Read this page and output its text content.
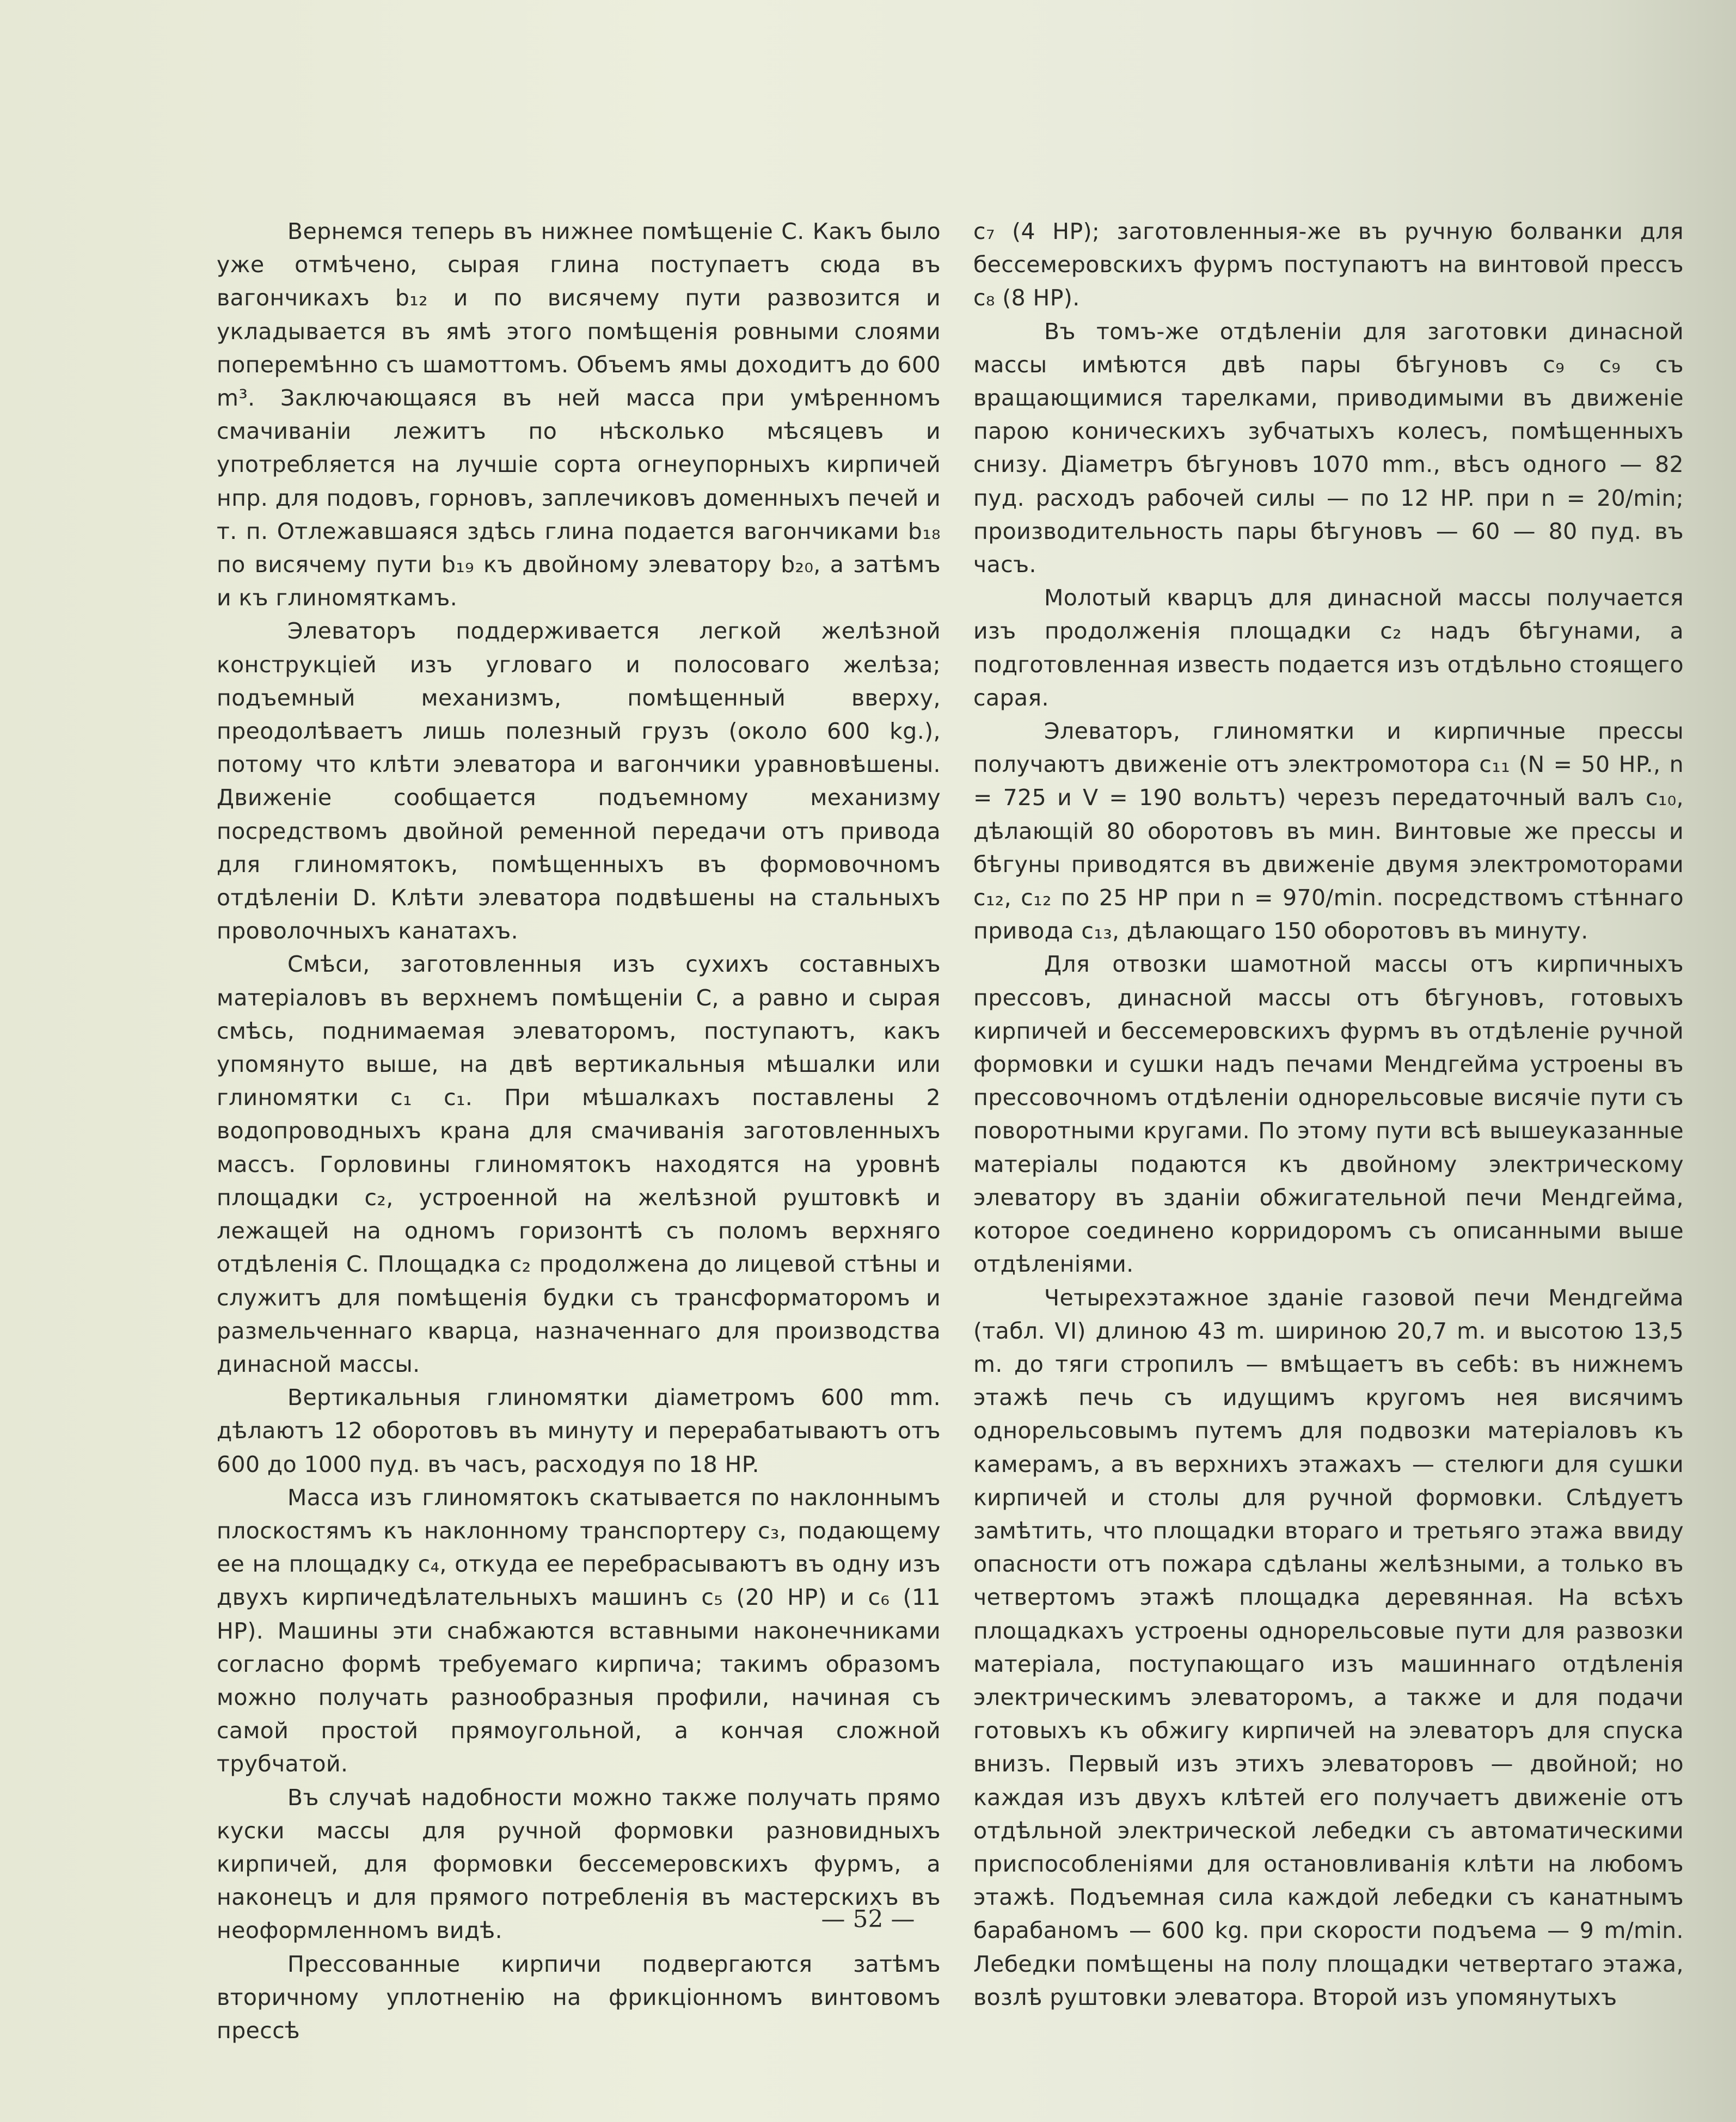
Вернемся теперь въ нижнее помѣщеніе C. Какъ было уже отмѣчено, сырая глина поступаетъ сюда въ вагончикахъ b₁₂ и по висячему пути развозится и укладывается въ ямѣ этого помѣщенія ровными слоями поперемѣнно съ шамоттомъ. Объемъ ямы доходитъ до 600 m³. Заключающаяся въ ней масса при умѣренномъ смачиваніи лежитъ по нѣсколько мѣсяцевъ и употребляется на лучшіе сорта огнеупорныхъ кирпичей нпр. для подовъ, горновъ, заплечиковъ доменныхъ печей и т. п. Отлежавшаяся здѣсь глина подается вагончиками b₁₈ по висячему пути b₁₉ къ двойному элеватору b₂₀, а затѣмъ и къ глиномяткамъ.

Элеваторъ поддерживается легкой желѣзной конструкціей изъ угловаго и полосоваго желѣза; подъемный механизмъ, помѣщенный вверху, преодолѣваетъ лишь полезный грузъ (около 600 kg.), потому что клѣти элеватора и вагончики уравновѣшены. Движеніе сообщается подъемному механизму посредствомъ двойной ременной передачи отъ привода для глиномятокъ, помѣщенныхъ въ формовочномъ отдѣленіи D. Клѣти элеватора подвѣшены на стальныхъ проволочныхъ канатахъ.

Смѣси, заготовленныя изъ сухихъ составныхъ матеріаловъ въ верхнемъ помѣщеніи C, а равно и сырая смѣсь, поднимаемая элеваторомъ, поступаютъ, какъ упомянуто выше, на двѣ вертикальныя мѣшалки или глиномятки c₁ c₁. При мѣшалкахъ поставлены 2 водопроводныхъ крана для смачиванія заготовленныхъ массъ. Горловины глиномятокъ находятся на уровнѣ площадки c₂, устроенной на желѣзной руштовкѣ и лежащей на одномъ горизонтѣ съ поломъ верхняго отдѣленія C. Площадка c₂ продолжена до лицевой стѣны и служитъ для помѣщенія будки съ трансформаторомъ и размельченнаго кварца, назначеннаго для производства динасной массы.

Вертикальныя глиномятки діаметромъ 600 mm. дѣлаютъ 12 оборотовъ въ минуту и перерабатываютъ отъ 600 до 1000 пуд. въ часъ, расходуя по 18 HP.

Масса изъ глиномятокъ скатывается по наклоннымъ плоскостямъ къ наклонному транспортеру c₃, подающему ее на площадку c₄, откуда ее перебрасываютъ въ одну изъ двухъ кирпичедѣлательныхъ машинъ c₅ (20 HP) и c₆ (11 HP). Машины эти снабжаются вставными наконечниками согласно формѣ требуемаго кирпича; такимъ образомъ можно получать разнообразныя профили, начиная съ самой простой прямоугольной, а кончая сложной трубчатой.

Въ случаѣ надобности можно также получать прямо куски массы для ручной формовки разновидныхъ кирпичей, для формовки бессемеровскихъ фурмъ, а наконецъ и для прямого потребленія въ мастерскихъ въ неоформленномъ видѣ.

Прессованные кирпичи подвергаются затѣмъ вторичному уплотненію на фрикціонномъ винтовомъ прессѣ

c₇ (4 HP); заготовленныя-же въ ручную болванки для бессемеровскихъ фурмъ поступаютъ на винтовой прессъ c₈ (8 HP).

Въ томъ-же отдѣленіи для заготовки динасной массы имѣются двѣ пары бѣгуновъ c₉ c₉ съ вращающимися тарелками, приводимыми въ движеніе парою коническихъ зубчатыхъ колесъ, помѣщенныхъ снизу. Діаметръ бѣгуновъ 1070 mm., вѣсъ одного — 82 пуд. расходъ рабочей силы — по 12 HP. при n = 20/min; производительность пары бѣгуновъ — 60 — 80 пуд. въ часъ.

Молотый кварцъ для динасной массы получается изъ продолженія площадки c₂ надъ бѣгунами, а подготовленная известь подается изъ отдѣльно стоящего сарая.

Элеваторъ, глиномятки и кирпичные прессы получаютъ движеніе отъ электромотора c₁₁ (N = 50 HP., n = 725 и V = 190 вольтъ) черезъ передаточный валъ c₁₀, дѣлающій 80 оборотовъ въ мин. Винтовые же прессы и бѣгуны приводятся въ движеніе двумя электромоторами c₁₂, c₁₂ по 25 HP при n = 970/min. посредствомъ стѣннаго привода c₁₃, дѣлающаго 150 оборотовъ въ минуту.

Для отвозки шамотной массы отъ кирпичныхъ прессовъ, динасной массы отъ бѣгуновъ, готовыхъ кирпичей и бессемеровскихъ фурмъ въ отдѣленіе ручной формовки и сушки надъ печами Мендгейма устроены въ прессовочномъ отдѣленіи однорельсовые висячіе пути съ поворотными кругами. По этому пути всѣ вышеуказанные матеріалы подаются къ двойному электрическому элеватору въ зданіи обжигательной печи Мендгейма, которое соединено корридоромъ съ описанными выше отдѣленіями.

Четырехэтажное зданіе газовой печи Мендгейма (табл. VI) длиною 43 m. шириною 20,7 m. и высотою 13,5 m. до тяги стропилъ — вмѣщаетъ въ себѣ: въ нижнемъ этажѣ печь съ идущимъ кругомъ нея висячимъ однорельсовымъ путемъ для подвозки матеріаловъ къ камерамъ, а въ верхнихъ этажахъ — стелюги для сушки кирпичей и столы для ручной формовки. Слѣдуетъ замѣтить, что площадки втораго и третьяго этажа ввиду опасности отъ пожара сдѣланы желѣзными, а только въ четвертомъ этажѣ площадка деревянная. На всѣхъ площадкахъ устроены однорельсовые пути для развозки матеріала, поступающаго изъ машиннаго отдѣленія электрическимъ элеваторомъ, а также и для подачи готовыхъ къ обжигу кирпичей на элеваторъ для спуска внизъ. Первый изъ этихъ элеваторовъ — двойной; но каждая изъ двухъ клѣтей его получаетъ движеніе отъ отдѣльной электрической лебедки съ автоматическими приспособленіями для остановливанія клѣти на любомъ этажѣ. Подъемная сила каждой лебедки съ канатнымъ барабаномъ — 600 kg. при скорости подъема — 9 m/min. Лебедки помѣщены на полу площадки четвертаго этажа, возлѣ руштовки элеватора. Второй изъ упомянутыхъ

— 52 —
